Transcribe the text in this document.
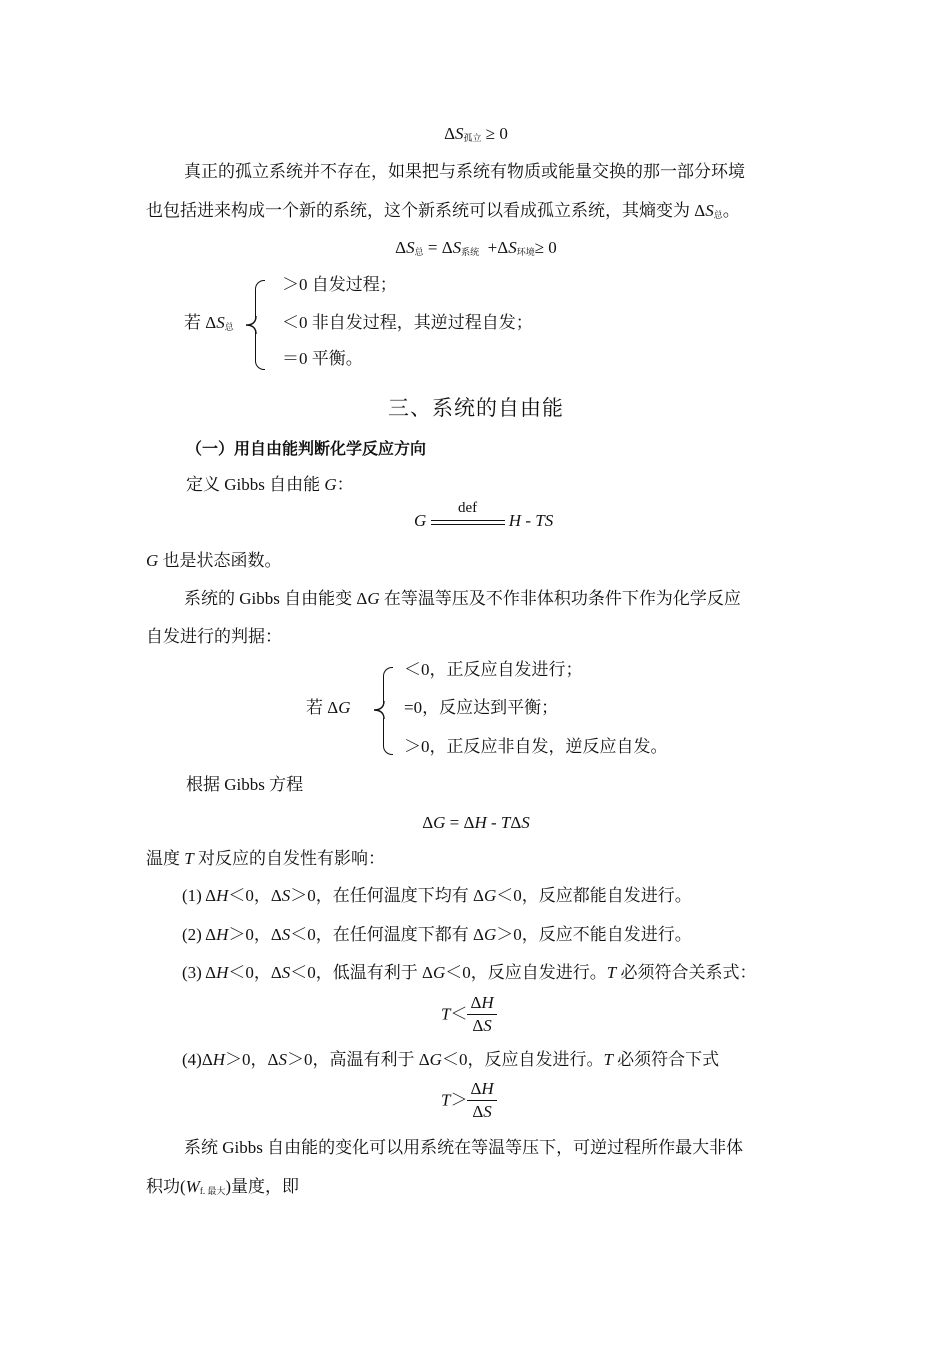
$\Delta S_{孤立} \ge 0$
真正的孤立系统并不存在，如果把与系统有物质或能量交换的那一部分环境
也包括进来构成一个新的系统，这个新系统可以看成孤立系统，其熵变为 $\Delta S_总$。
$\Delta S_总 = \Delta S_{系统} +\Delta S_{环境}\ge 0$
若 $\Delta S_总$
＞0 自发过程；
＜0 非自发过程，其逆过程自发；
＝0 平衡。
三、系统的自由能
（一）用自由能判断化学反应方向
定义 Gibbs 自由能 G：
G
def
H - TS
G 也是状态函数。
系统的 Gibbs 自由能变 ΔG 在等温等压及不作非体积功条件下作为化学反应
自发进行的判据：
若 ΔG
＜0，正反应自发进行；
=0，反应达到平衡；
＞0，正反应非自发，逆反应自发。
根据 Gibbs 方程
ΔG = ΔH - TΔS
温度 T 对反应的自发性有影响：
(1) ΔH＜0，ΔS＞0，在任何温度下均有 ΔG＜0，反应都能自发进行。
(2) ΔH＞0，ΔS＜0，在任何温度下都有 ΔG＞0，反应不能自发进行。
(3) ΔH＜0，ΔS＜0，低温有利于 ΔG＜0，反应自发进行。T 必须符合关系式：
$T< \frac{\Delta H}{\Delta S}$
(4)ΔH＞0，ΔS＞0，高温有利于 ΔG＜0，反应自发进行。T 必须符合下式
$T> \frac{\Delta H}{\Delta S}$
系统 Gibbs 自由能的变化可以用系统在等温等压下，可逆过程所作最大非体
积功$(W_{f. 最大})$量度，即
